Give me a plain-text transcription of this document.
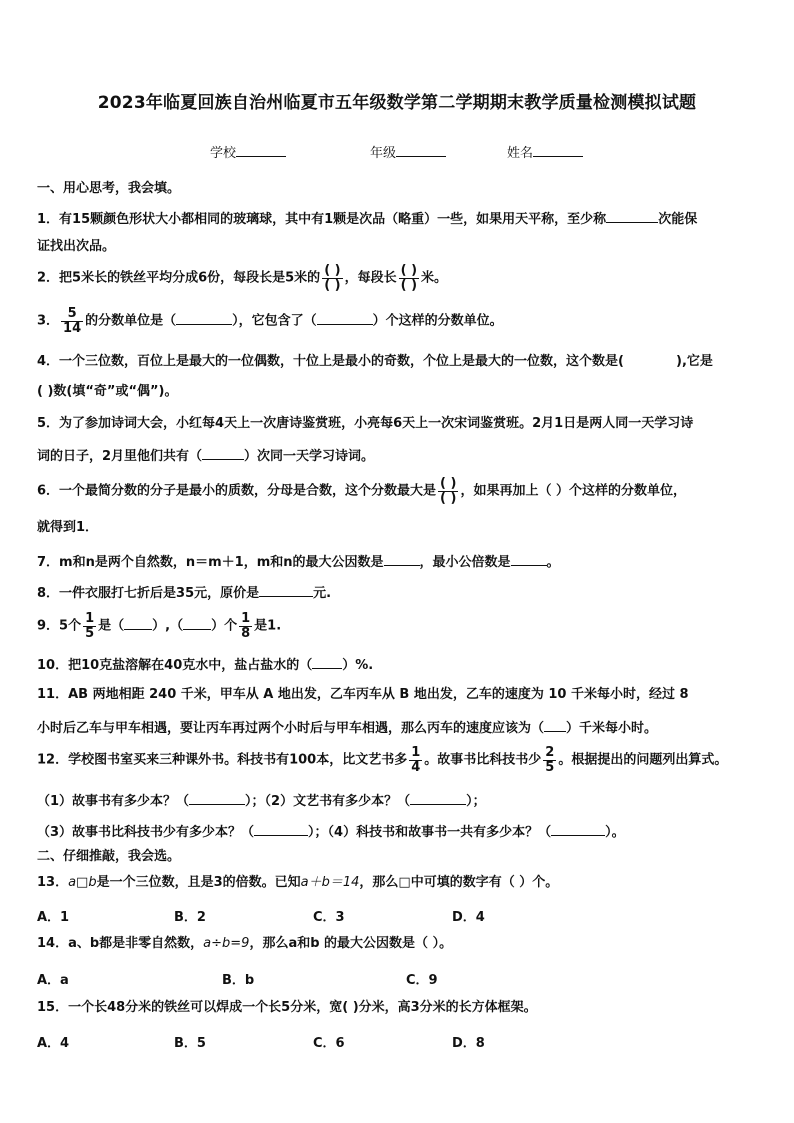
2023年临夏回族自治州临夏市五年级数学第二学期期末教学质量检测模拟试题
学校	年级	姓名
一、用心思考，我会填。
1．有15颗颜色形状大小都相同的玻璃球，其中有1颗是次品（略重）一些，如果用天平称，至少称	次能保
证找出次品。
2．把5米长的铁丝平均分成6份，每段长是5米的 $\frac{( )}{( )}$ ，每段长 $\frac{( )}{( )}$ 米。
3． $\frac{5}{14}$ 的分数单位是（	），它包含了（	）个这样的分数单位。
4．一个三位数，百位上是最大的一位偶数，十位上是最小的奇数，个位上是最大的一位数，这个数是(	),它是
( )数(填“奇”或“偶”)。
5．为了参加诗词大会，小红每4天上一次唐诗鉴赏班，小亮每6天上一次宋词鉴赏班。2月1日是两人同一天学习诗
词的日子，2月里他们共有（	）次同一天学习诗词。
6．一个最简分数的分子是最小的质数，分母是合数，这个分数最大是 $\frac{( )}{( )}$ ，如果再加上（ ）个这样的分数单位，
就得到1．
7．m和n是两个自然数，n＝m＋1，m和n的最大公因数是	，最小公倍数是	。
8．一件衣服打七折后是35元，原价是	元.
9．5个 $\frac{1}{5}$ 是（ ）,（ ）个 $\frac{1}{8}$ 是1.
10．把10克盐溶解在40克水中，盐占盐水的（ ）%.
11．AB 两地相距 240 千米，甲车从 A 地出发，乙车丙车从 B 地出发，乙车的速度为 10 千米每小时，经过 8
小时后乙车与甲车相遇，要让丙车再过两个小时后与甲车相遇，那么丙车的速度应该为（ ）千米每小时。
12．学校图书室买来三种课外书。科技书有100本，比文艺书多 $\frac{1}{4}$ 。故事书比科技书少 $\frac{2}{5}$ 。根据提出的问题列出算式。
（1）故事书有多少本？（	）；（2）文艺书有多少本？（	）；
（3）故事书比科技书少有多少本？（	）；（4）科技书和故事书一共有多少本？（	）。
二、仔细推敲，我会选。
13．a□b是一个三位数，且是3的倍数。已知a＋b＝14，那么□中可填的数字有（ ）个。
A．1	B．2	C．3	D．4
14．a、b都是非零自然数，a÷b=9，那么a和b 的最大公因数是（ ）。
A．a	B．b	C．9
15．一个长48分米的铁丝可以焊成一个长5分米，宽( )分米，高3分米的长方体框架。
A．4	B．5	C．6	D．8
